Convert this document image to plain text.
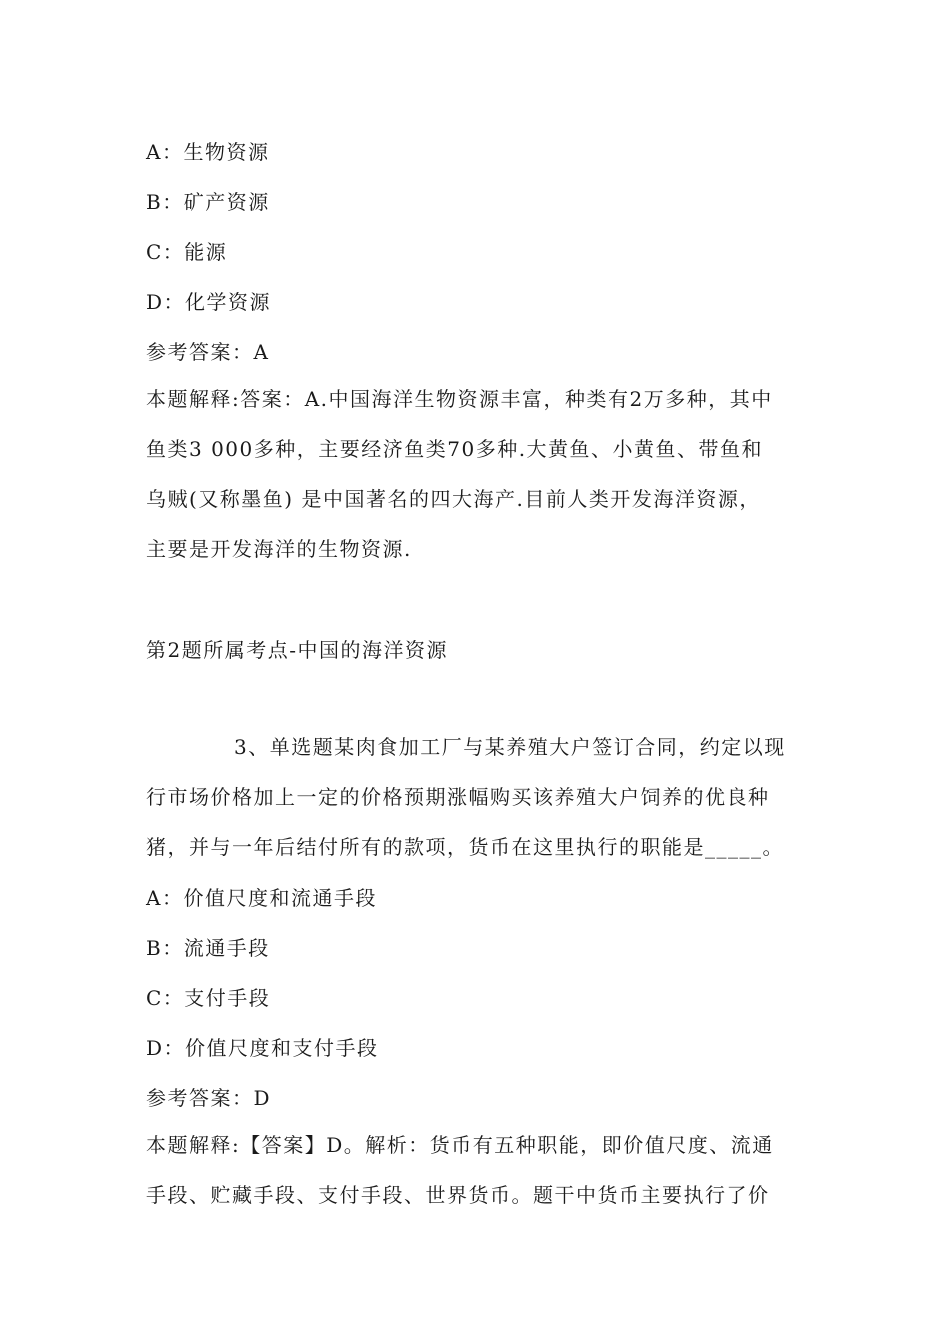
A：生物资源
B：矿产资源
C：能源
D：化学资源
参考答案：A
本题解释:答案：A.中国海洋生物资源丰富，种类有2万多种，其中
鱼类3 000多种，主要经济鱼类70多种.大黄鱼、小黄鱼、带鱼和
乌贼(又称墨鱼) 是中国著名的四大海产.目前人类开发海洋资源，
主要是开发海洋的生物资源.
第2题所属考点-中国的海洋资源
3、单选题某肉食加工厂与某养殖大户签订合同，约定以现
行市场价格加上一定的价格预期涨幅购买该养殖大户饲养的优良种
猪，并与一年后结付所有的款项，货币在这里执行的职能是_____。
A：价值尺度和流通手段
B：流通手段
C：支付手段
D：价值尺度和支付手段
参考答案：D
本题解释:【答案】D。解析：货币有五种职能，即价值尺度、流通
手段、贮藏手段、支付手段、世界货币。题干中货币主要执行了价
